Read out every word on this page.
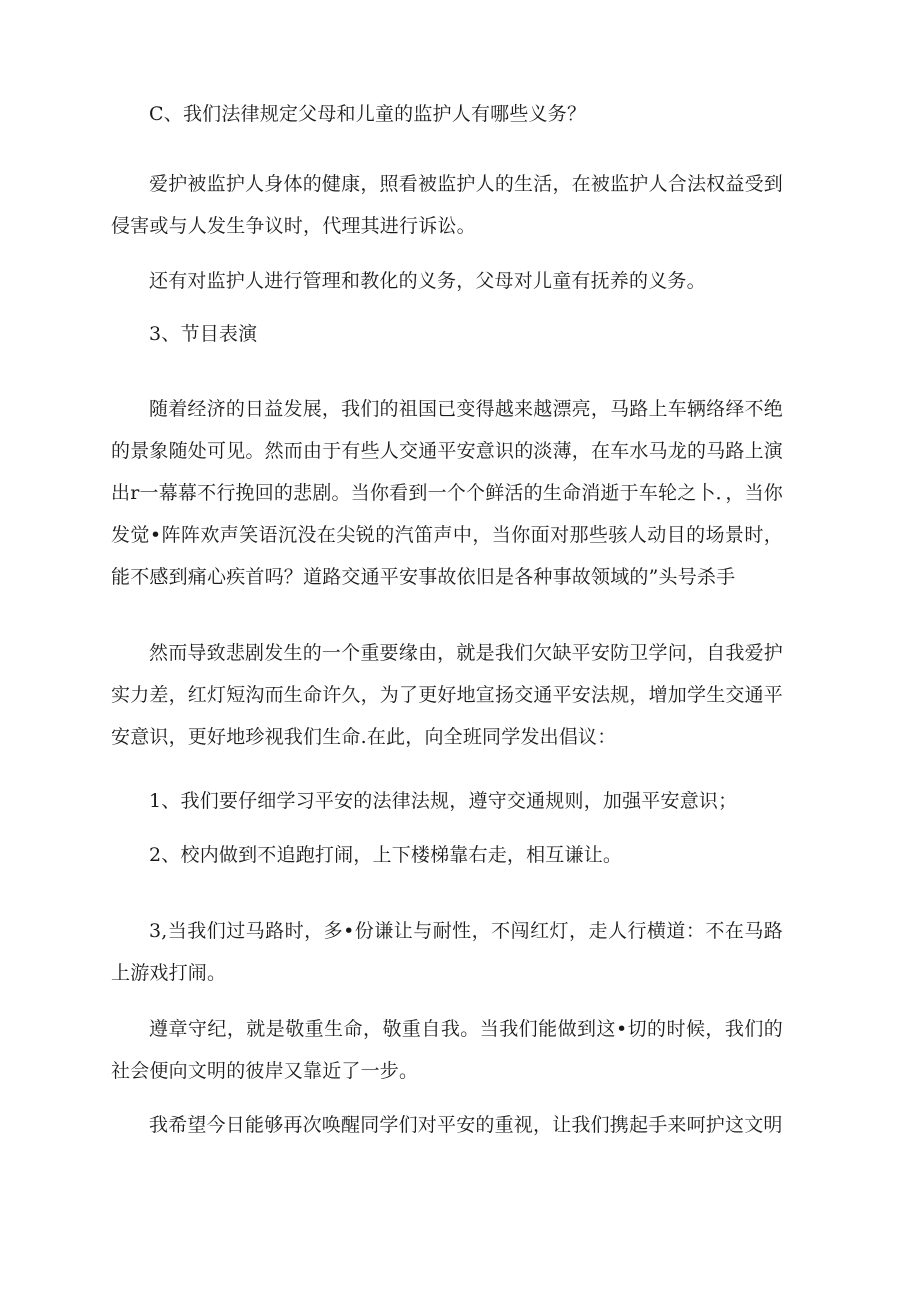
C、我们法律规定父母和儿童的监护人有哪些义务？

爱护被监护人身体的健康，照看被监护人的生活，在被监护人合法权益受到侵害或与人发生争议时，代理其进行诉讼。

还有对监护人进行管理和教化的义务，父母对儿童有抚养的义务。

3、节目表演

随着经济的日益发展，我们的祖国已变得越来越漂亮，马路上车辆络绎不绝的景象随处可见。然而由于有些人交通平安意识的淡薄，在车水马龙的马路上演出r一幕幕不行挽回的悲剧。当你看到一个个鲜活的生命消逝于车轮之卜．，当你发觉•阵阵欢声笑语沉没在尖锐的汽笛声中，当你面对那些骇人动目的场景时，能不感到痛心疾首吗？道路交通平安事故依旧是各种事故领域的”头号杀手

然而导致悲剧发生的一个重要缘由，就是我们欠缺平安防卫学问，自我爱护实力差，红灯短沟而生命许久，为了更好地宣扬交通平安法规，增加学生交通平安意识，更好地珍视我们生命.在此，向全班同学发出倡议：

1、我们要仔细学习平安的法律法规，遵守交通规则，加强平安意识；

2、校内做到不追跑打闹，上下楼梯靠右走，相互谦让。

3,当我们过马路时，多•份谦让与耐性，不闯红灯，走人行横道：不在马路上游戏打闹。

遵章守纪，就是敬重生命，敬重自我。当我们能做到这•切的时候，我们的社会便向文明的彼岸又靠近了一步。

我希望今日能够再次唤醒同学们对平安的重视，让我们携起手来呵护这文明
